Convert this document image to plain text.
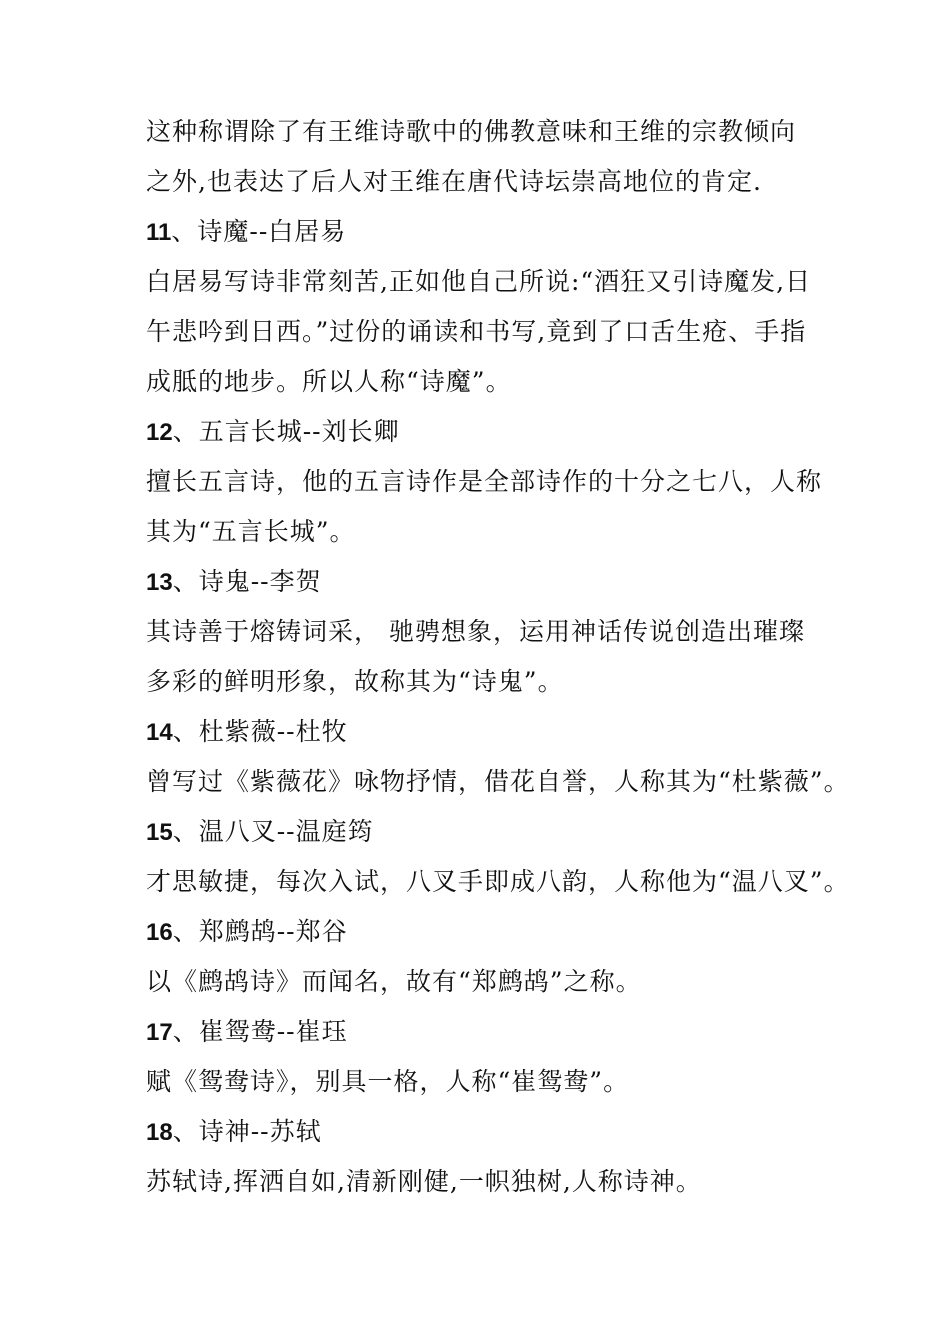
这种称谓除了有王维诗歌中的佛教意味和王维的宗教倾向
之外,也表达了后人对王维在唐代诗坛崇高地位的肯定.
11、诗魔--白居易
白居易写诗非常刻苦,正如他自己所说:“酒狂又引诗魔发,日
午悲吟到日西。”过份的诵读和书写,竟到了口舌生疮、手指
成胝的地步。所以人称“诗魔”。
12、五言长城--刘长卿
擅长五言诗，他的五言诗作是全部诗作的十分之七八，人称
其为“五言长城”。
13、诗鬼--李贺
其诗善于熔铸词采， 驰骋想象，运用神话传说创造出璀璨
多彩的鲜明形象，故称其为“诗鬼”。
14、杜紫薇--杜牧
曾写过《紫薇花》咏物抒情，借花自誉，人称其为“杜紫薇”。
15、温八叉--温庭筠
才思敏捷，每次入试，八叉手即成八韵，人称他为“温八叉”。
16、郑鹧鸪--郑谷
以《鹧鸪诗》而闻名，故有“郑鹧鸪”之称。
17、崔鸳鸯--崔珏
赋《鸳鸯诗》，别具一格，人称“崔鸳鸯”。
18、诗神--苏轼
苏轼诗,挥洒自如,清新刚健,一帜独树,人称诗神。
